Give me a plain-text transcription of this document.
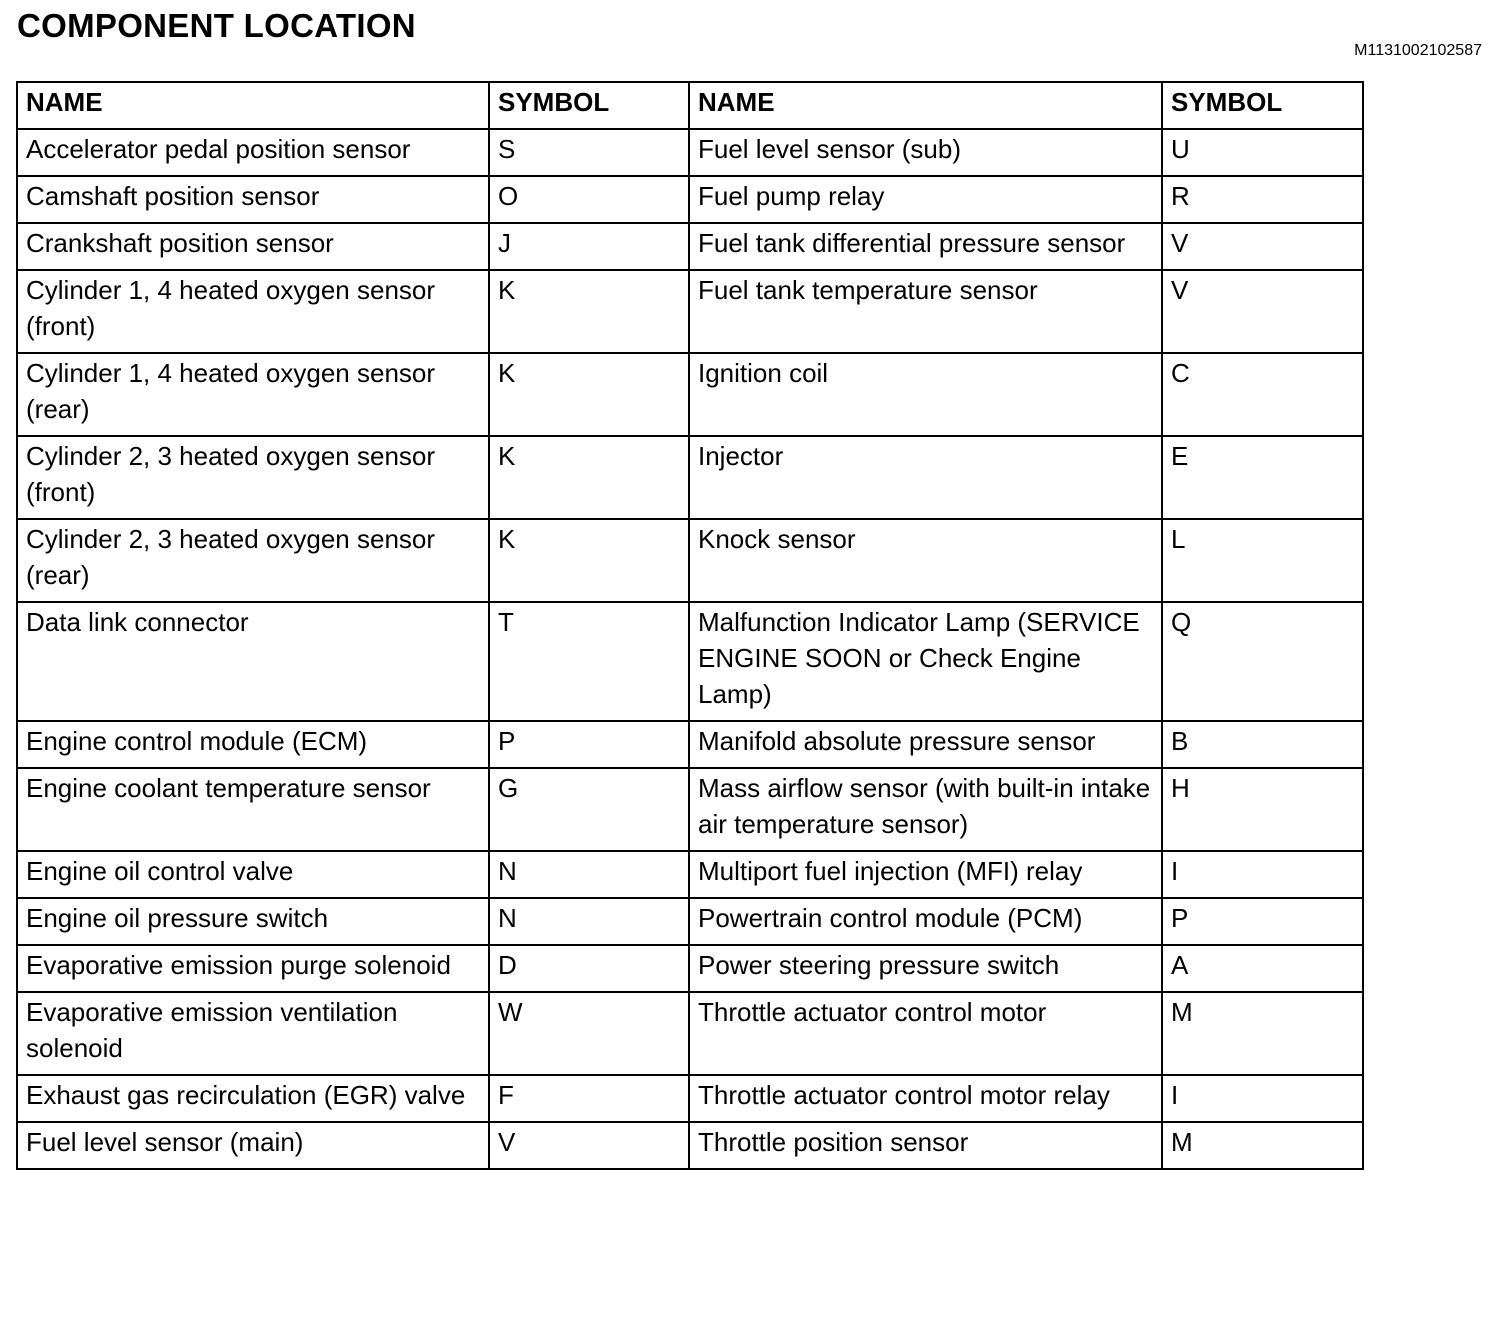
COMPONENT LOCATION
M1131002102587
NAME	SYMBOL	NAME	SYMBOL
Accelerator pedal position sensor	S	Fuel level sensor (sub)	U
Camshaft position sensor	O	Fuel pump relay	R
Crankshaft position sensor	J	Fuel tank differential pressure sensor	V
Cylinder 1, 4 heated oxygen sensor (front)	K	Fuel tank temperature sensor	V
Cylinder 1, 4 heated oxygen sensor (rear)	K	Ignition coil	C
Cylinder 2, 3 heated oxygen sensor (front)	K	Injector	E
Cylinder 2, 3 heated oxygen sensor (rear)	K	Knock sensor	L
Data link connector	T	Malfunction Indicator Lamp (SERVICE ENGINE SOON or Check Engine Lamp)	Q
Engine control module (ECM)	P	Manifold absolute pressure sensor	B
Engine coolant temperature sensor	G	Mass airflow sensor (with built-in intake air temperature sensor)	H
Engine oil control valve	N	Multiport fuel injection (MFI) relay	I
Engine oil pressure switch	N	Powertrain control module (PCM)	P
Evaporative emission purge solenoid	D	Power steering pressure switch	A
Evaporative emission ventilation solenoid	W	Throttle actuator control motor	M
Exhaust gas recirculation (EGR) valve	F	Throttle actuator control motor relay	I
Fuel level sensor (main)	V	Throttle position sensor	M
